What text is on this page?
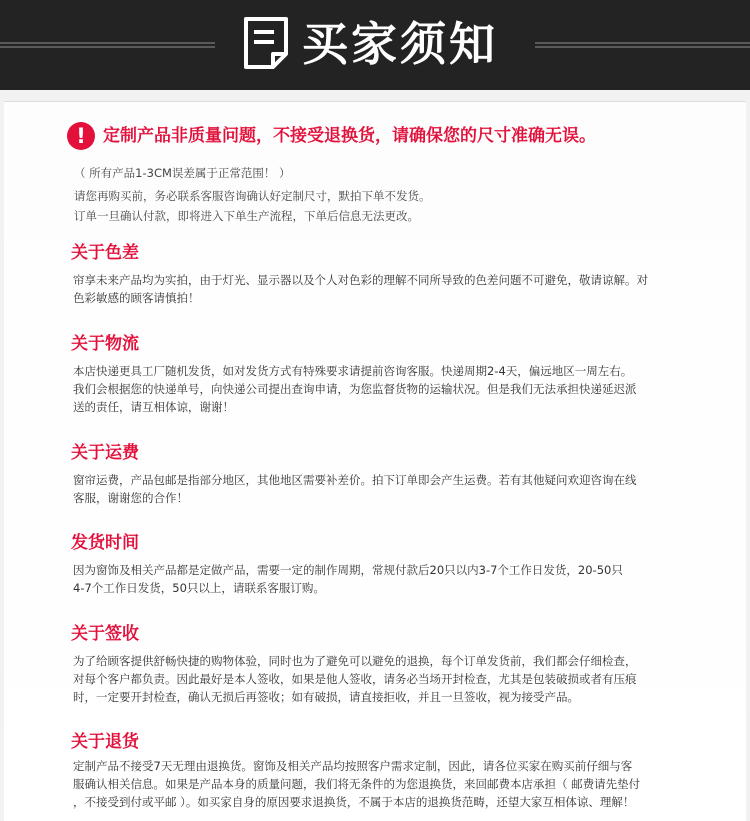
买家须知
!	定制产品非质量问题，不接受退换货，请确保您的尺寸准确无误。
（ 所有产品1-3CM误差属于正常范围！ ）
请您再购买前，务必联系客服咨询确认好定制尺寸，默拍下单不发货。
订单一旦确认付款，即将进入下单生产流程，下单后信息无法更改。
关于色差

帘享未来产品均为实拍，由于灯光、显示器以及个人对色彩的理解不同所导致的色差问题不可避免，敬请谅解。对
色彩敏感的顾客请慎拍！

关于物流

本店快递更具工厂随机发货，如对发货方式有特殊要求请提前咨询客服。快递周期2-4天，偏远地区一周左右。
我们会根据您的快递单号，向快递公司提出查询申请，为您监督货物的运输状况。但是我们无法承担快递延迟派
送的责任，请互相体谅，谢谢！

关于运费

窗帘运费，产品包邮是指部分地区，其他地区需要补差价。拍下订单即会产生运费。若有其他疑问欢迎咨询在线
客服，谢谢您的合作！

发货时间

因为窗饰及相关产品都是定做产品，需要一定的制作周期，常规付款后20只以内3-7个工作日发货，20-50只
4-7个工作日发货，50只以上，请联系客服订购。

关于签收

为了给顾客提供舒畅快捷的购物体验，同时也为了避免可以避免的退换，每个订单发货前，我们都会仔细检查，
对每个客户都负责。因此最好是本人签收，如果是他人签收，请务必当场开封检查，尤其是包装破损或者有压痕
时，一定要开封检查，确认无损后再签收；如有破损，请直接拒收，并且一旦签收，视为接受产品。

关于退货

定制产品不接受7天无理由退换货。窗饰及相关产品均按照客户需求定制，因此，请各位买家在购买前仔细与客
服确认相关信息。如果是产品本身的质量问题，我们将无条件的为您退换货，来回邮费本店承担（ 邮费请先垫付
，不接受到付或平邮 ）。如买家自身的原因要求退换货，不属于本店的退换货范畴，还望大家互相体谅、理解！
